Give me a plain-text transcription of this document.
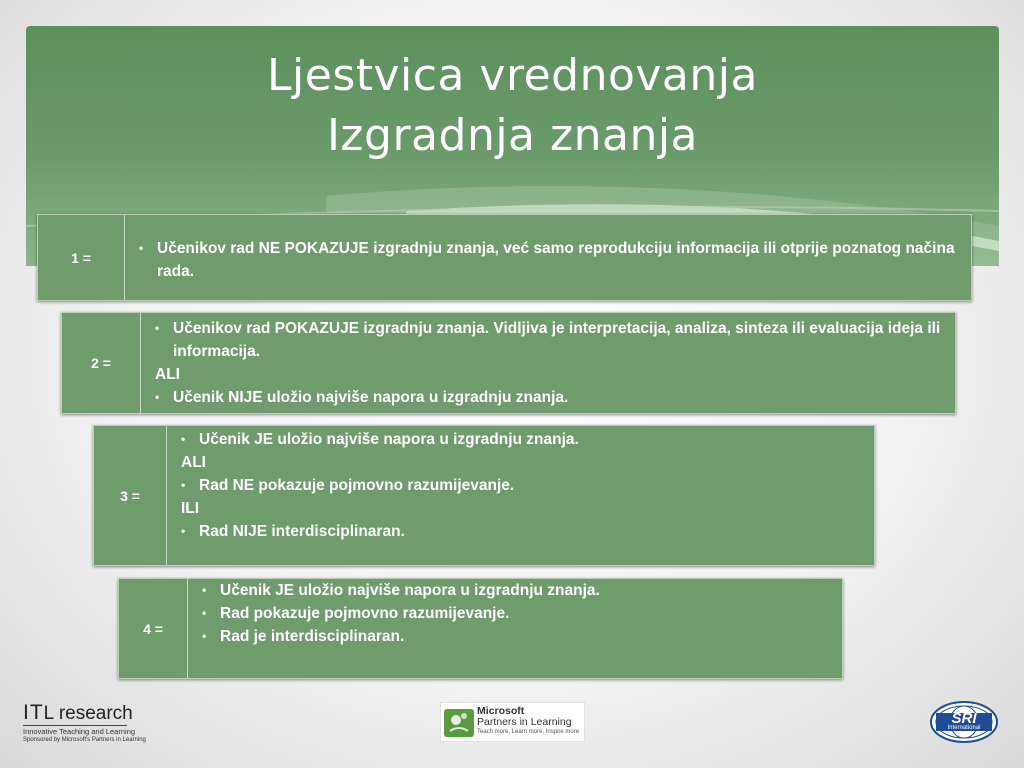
Ljestvica vrednovanja
Izgradnja znanja
1 =
• Učenikov rad NE POKAZUJE izgradnju znanja, već samo reprodukciju informacija ili otprije poznatog načina rada.
2 =
• Učenikov rad POKAZUJE izgradnju znanja. Vidljiva je interpretacija, analiza, sinteza ili evaluacija ideja ili informacija.
ALI
• Učenik NIJE uložio najviše napora u izgradnju znanja.
3 =
• Učenik JE uložio najviše napora u izgradnju znanja.
ALI
• Rad NE pokazuje pojmovno razumijevanje.
ILI
• Rad NIJE interdisciplinaran.
4 =
• Učenik JE uložio najviše napora u izgradnju znanja.
• Rad pokazuje pojmovno razumijevanje.
• Rad je interdisciplinaran.
ITL research
Innovative Teaching and Learning
Sponsored by Microsoft's Partners in Learning
Microsoft
Partners in Learning
Teach more, Learn more, Inspire more
SRI
International
